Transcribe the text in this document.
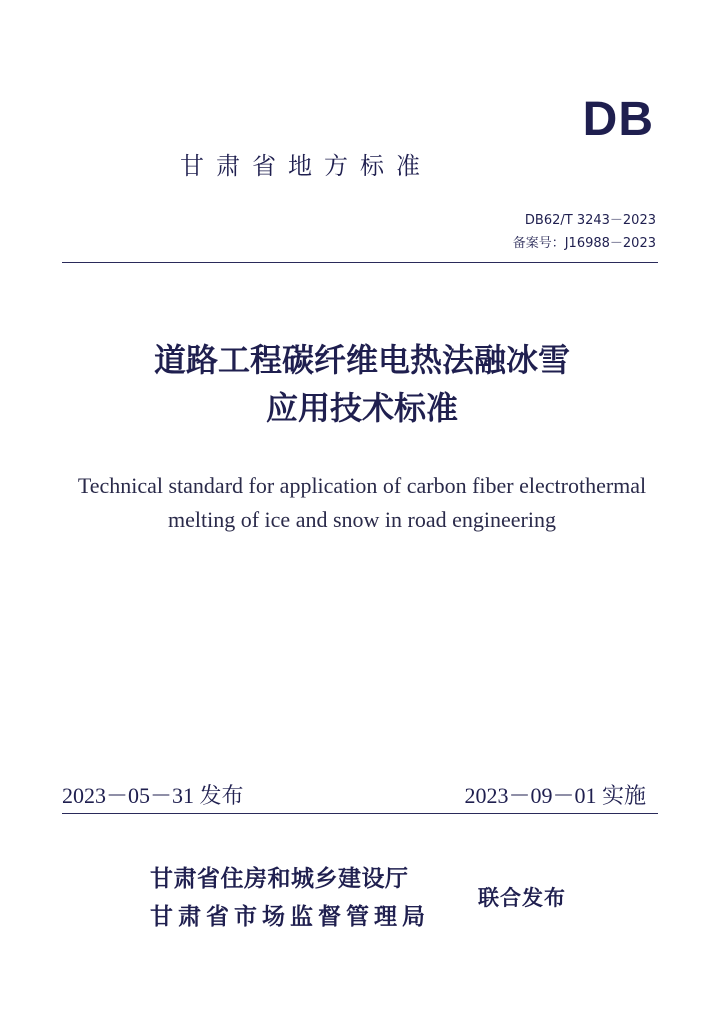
DB
甘肃省地方标准
DB62/T 3243－2023
备案号：J16988－2023
道路工程碳纤维电热法融冰雪
应用技术标准
Technical standard for application of carbon fiber electrothermal
melting of ice and snow in road engineering
2023－05－31 发布	2023－09－01 实施
甘肃省住房和城乡建设厅
甘肃省市场监督管理局
联合发布
